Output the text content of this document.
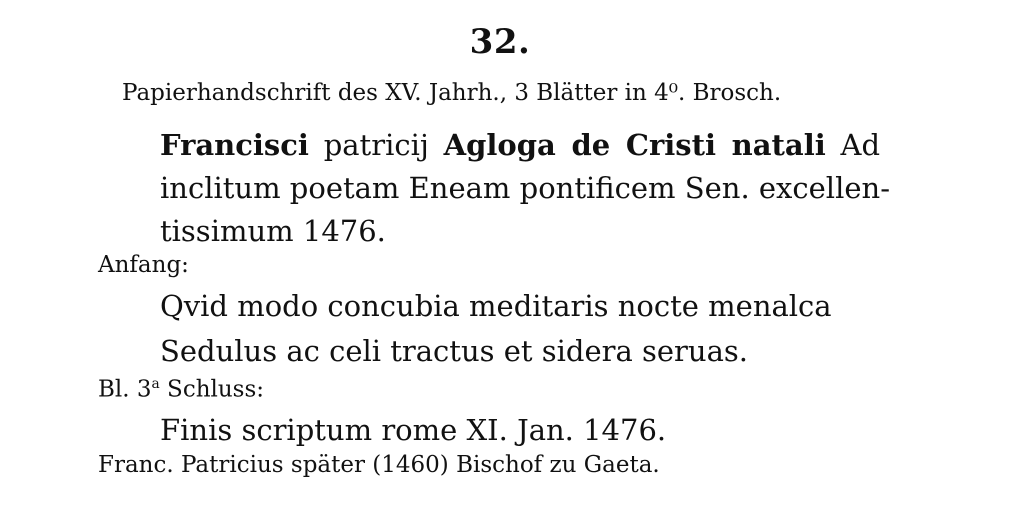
32.
Papierhandschrift des XV. Jahrh., 3 Blätter in 4⁰. Brosch.
Francisci patricij Agloga de Cristi natali Ad
inclitum poetam Eneam pontificem Sen. excellen-
tissimum 1476.
Anfang:
Qvid modo concubia meditaris nocte menalca
Sedulus ac celi tractus et sidera seruas.
Bl. 3$^a$ Schluss:
Finis scriptum rome XI. Jan. 1476.
Franc. Patricius später (1460) Bischof zu Gaeta.
